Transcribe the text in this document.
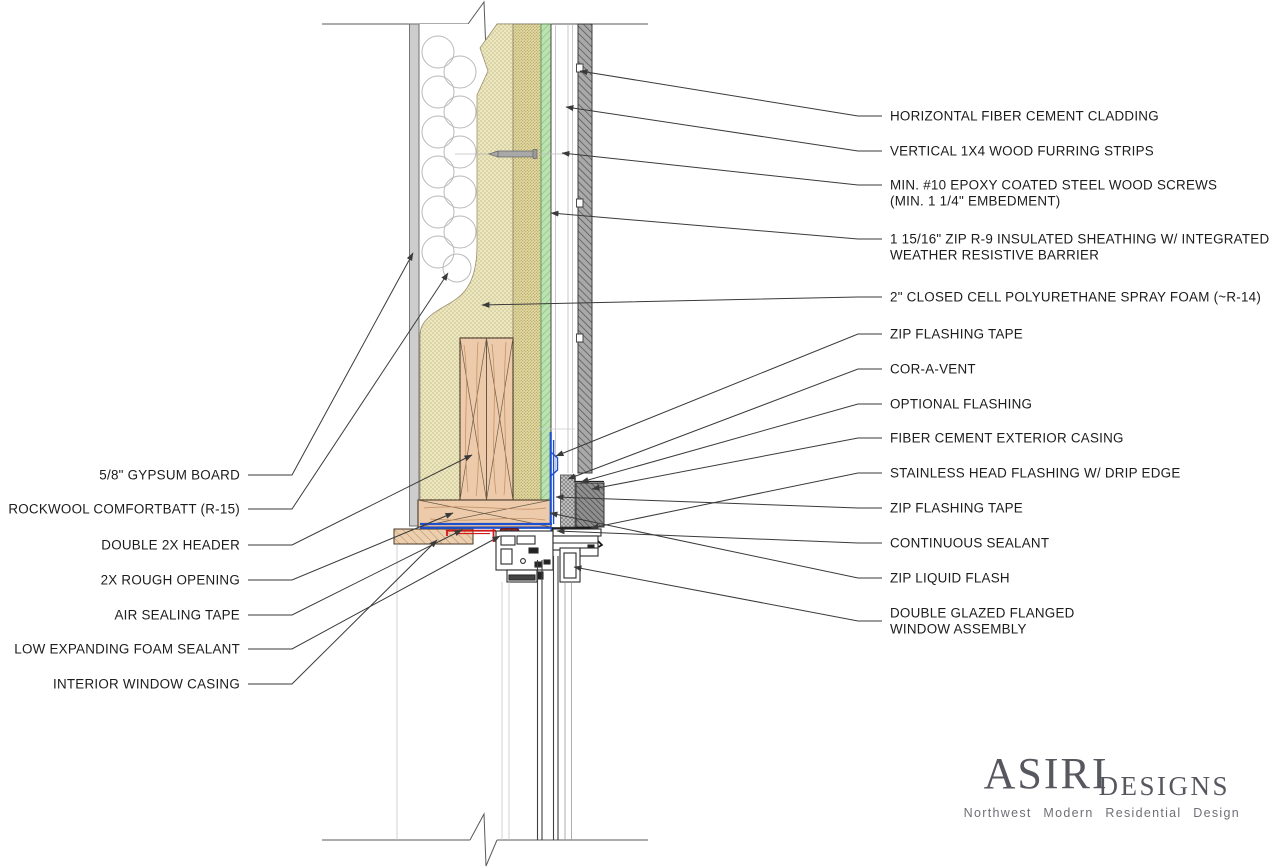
5/8" GYPSUM BOARD
ROCKWOOL COMFORTBATT (R-15)
DOUBLE 2X HEADER
2X ROUGH OPENING
AIR SEALING TAPE
LOW EXPANDING FOAM SEALANT
INTERIOR WINDOW CASING
HORIZONTAL FIBER CEMENT CLADDING
VERTICAL 1X4 WOOD FURRING STRIPS
MIN. #10 EPOXY COATED STEEL WOOD SCREWS
(MIN. 1 1/4" EMBEDMENT)
1 15/16" ZIP R-9 INSULATED SHEATHING W/ INTEGRATED
WEATHER RESISTIVE BARRIER
2" CLOSED CELL POLYURETHANE SPRAY FOAM (~R-14)
ZIP FLASHING TAPE
COR-A-VENT
OPTIONAL FLASHING
FIBER CEMENT EXTERIOR CASING
STAINLESS HEAD FLASHING W/ DRIP EDGE
ZIP FLASHING TAPE
CONTINUOUS SEALANT
ZIP LIQUID FLASH
DOUBLE GLAZED FLANGED
WINDOW ASSEMBLY
ASIRIDESIGNS
Northwest Modern Residential Design
